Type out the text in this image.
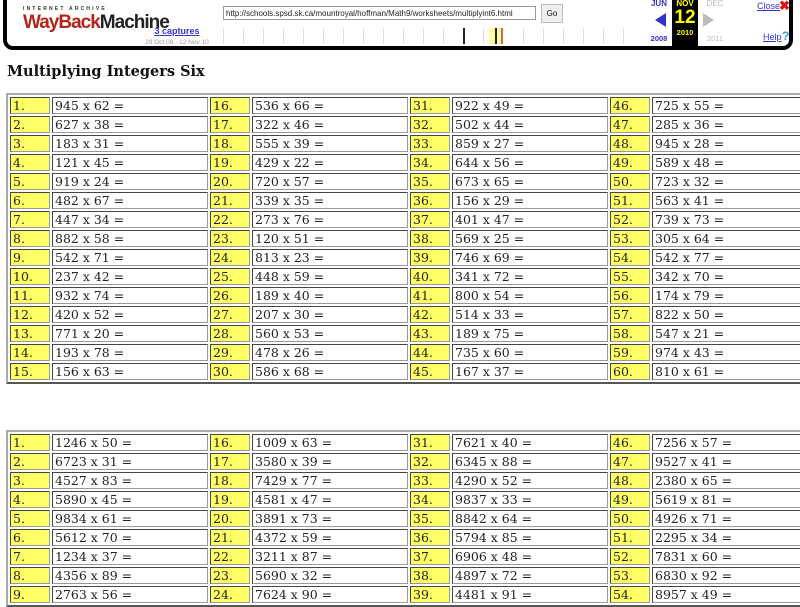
INTERNET ARCHIVE
WayBackMachine	http://schools.spsd.sk.ca/mountroyal/hoffman/Math9/worksheets/multiplyint6.html	Go
3 captures
29 Oct 08 - 12 Nov 10
JUN
2008
NOV
12
2010
DEC
2011
Close
✖
Help ?
Multiplying Integers Six
1.	945 x 62 =	16.	536 x 66 =	31.	922 x 49 =	46.	725 x 55 =
2.	627 x 38 =	17.	322 x 46 =	32.	502 x 44 =	47.	285 x 36 =
3.	183 x 31 =	18.	555 x 39 =	33.	859 x 27 =	48.	945 x 28 =
4.	121 x 45 =	19.	429 x 22 =	34.	644 x 56 =	49.	589 x 48 =
5.	919 x 24 =	20.	720 x 57 =	35.	673 x 65 =	50.	723 x 32 =
6.	482 x 67 =	21.	339 x 35 =	36.	156 x 29 =	51.	563 x 41 =
7.	447 x 34 =	22.	273 x 76 =	37.	401 x 47 =	52.	739 x 73 =
8.	882 x 58 =	23.	120 x 51 =	38.	569 x 25 =	53.	305 x 64 =
9.	542 x 71 =	24.	813 x 23 =	39.	746 x 69 =	54.	542 x 77 =
10.	237 x 42 =	25.	448 x 59 =	40.	341 x 72 =	55.	342 x 70 =
11.	932 x 74 =	26.	189 x 40 =	41.	800 x 54 =	56.	174 x 79 =
12.	420 x 52 =	27.	207 x 30 =	42.	514 x 33 =	57.	822 x 50 =
13.	771 x 20 =	28.	560 x 53 =	43.	189 x 75 =	58.	547 x 21 =
14.	193 x 78 =	29.	478 x 26 =	44.	735 x 60 =	59.	974 x 43 =
15.	156 x 63 =	30.	586 x 68 =	45.	167 x 37 =	60.	810 x 61 =
1.	1246 x 50 =	16.	1009 x 63 =	31.	7621 x 40 =	46.	7256 x 57 =
2.	6723 x 31 =	17.	3580 x 39 =	32.	6345 x 88 =	47.	9527 x 41 =
3.	4527 x 83 =	18.	7429 x 77 =	33.	4290 x 52 =	48.	2380 x 65 =
4.	5890 x 45 =	19.	4581 x 47 =	34.	9837 x 33 =	49.	5619 x 81 =
5.	9834 x 61 =	20.	3891 x 73 =	35.	8842 x 64 =	50.	4926 x 71 =
6.	5612 x 70 =	21.	4372 x 59 =	36.	5794 x 85 =	51.	2295 x 34 =
7.	1234 x 37 =	22.	3211 x 87 =	37.	6906 x 48 =	52.	7831 x 60 =
8.	4356 x 89 =	23.	5690 x 32 =	38.	4897 x 72 =	53.	6830 x 92 =
9.	2763 x 56 =	24.	7624 x 90 =	39.	4481 x 91 =	54.	8957 x 49 =
